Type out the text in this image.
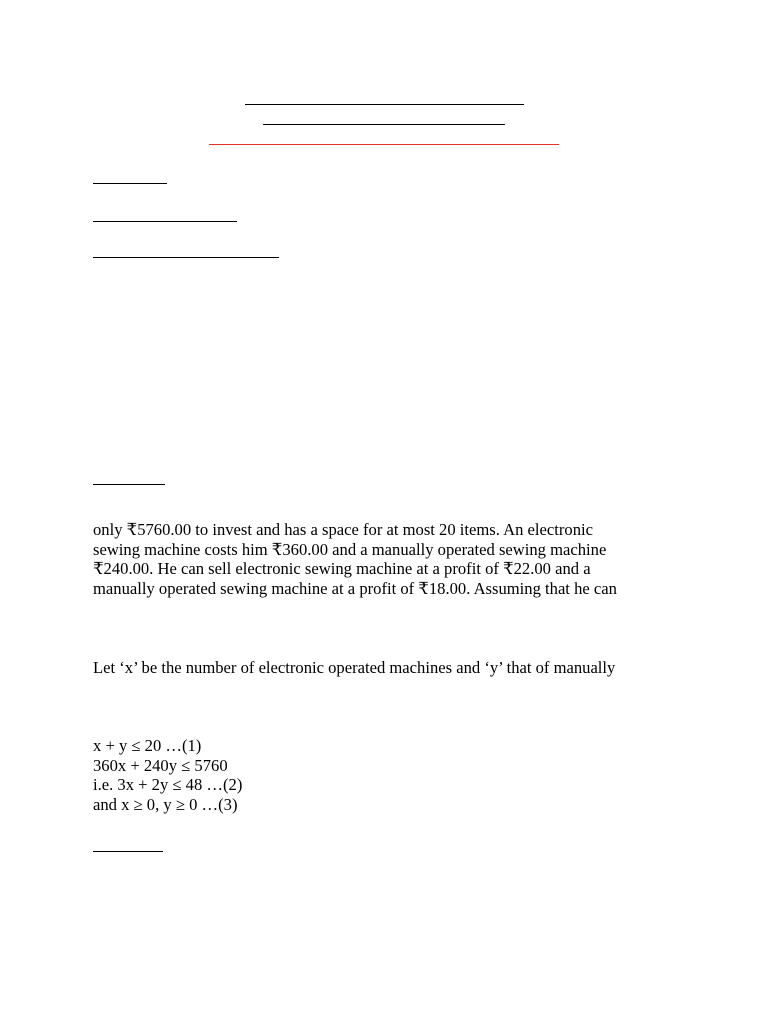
only ₹5760.00 to invest and has a space for at most 20 items. An electronic
sewing machine costs him ₹360.00 and a manually operated sewing machine
₹240.00. He can sell electronic sewing machine at a profit of ₹22.00 and a
manually operated sewing machine at a profit of ₹18.00. Assuming that he can
Let ‘x’ be the number of electronic operated machines and ‘y’ that of manually
x + y ≤ 20 …(1)
360x + 240y ≤ 5760
i.e. 3x + 2y ≤ 48 …(2)
and x ≥ 0, y ≥ 0 …(3)
